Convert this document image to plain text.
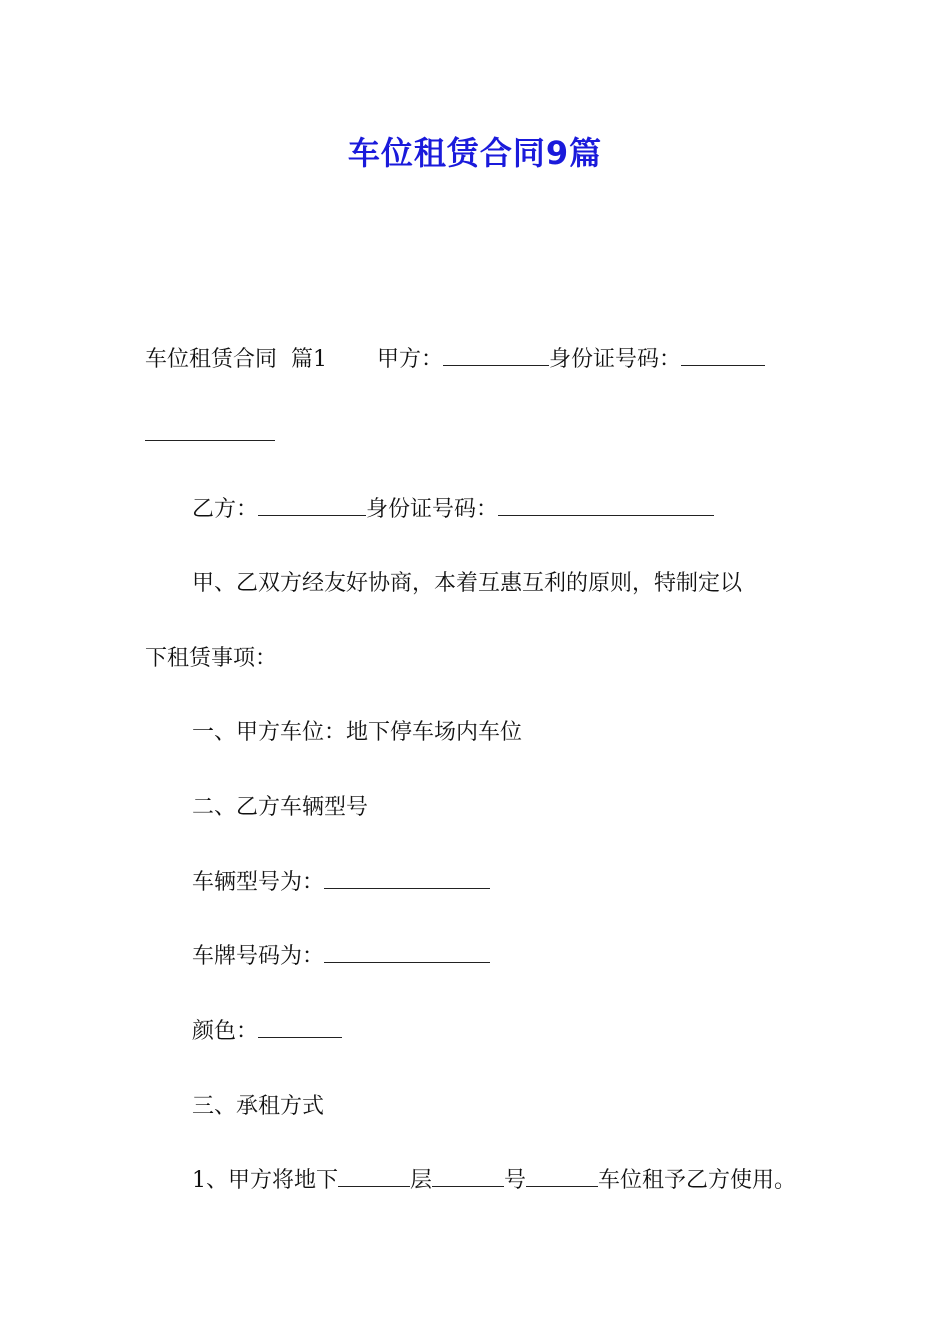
车位租赁合同9篇
车位租赁合同 篇1 甲方：	身份证号码：
乙方：	身份证号码：
甲、乙双方经友好协商，本着互惠互利的原则，特制定以
下租赁事项：
一、甲方车位：地下停车场内车位
二、乙方车辆型号
车辆型号为：
车牌号码为：
颜色：
三、承租方式
1、甲方将地下	层	号	车位租予乙方使用。
